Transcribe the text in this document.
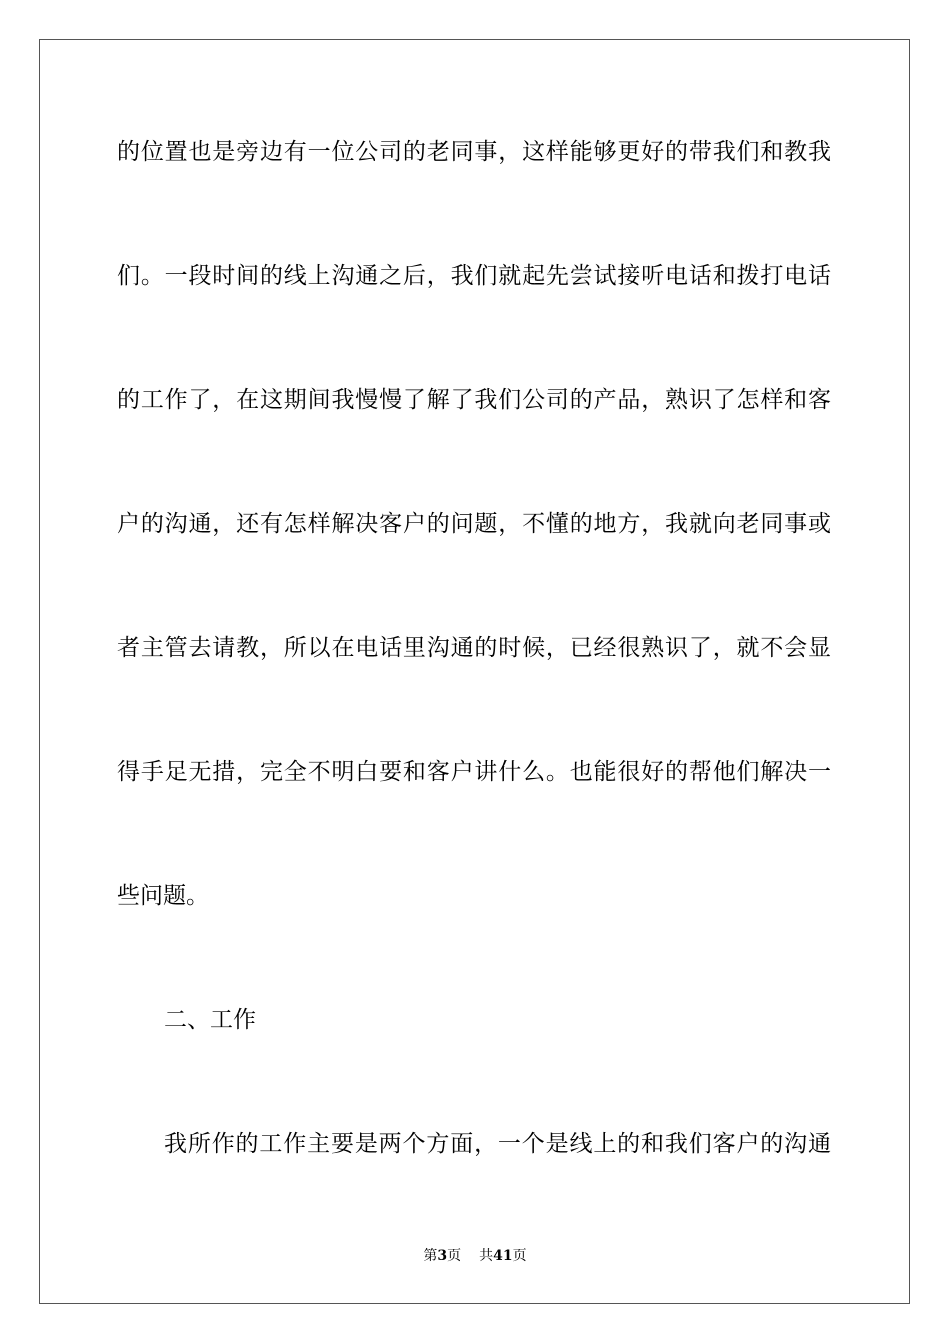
的位置也是旁边有一位公司的老同事，这样能够更好的带我们和教我
们。一段时间的线上沟通之后，我们就起先尝试接听电话和拨打电话
的工作了，在这期间我慢慢了解了我们公司的产品，熟识了怎样和客
户的沟通，还有怎样解决客户的问题，不懂的地方，我就向老同事或
者主管去请教，所以在电话里沟通的时候，已经很熟识了，就不会显
得手足无措，完全不明白要和客户讲什么。也能很好的帮他们解决一
些问题。
二、工作
我所作的工作主要是两个方面，一个是线上的和我们客户的沟通
第3页 共41页
